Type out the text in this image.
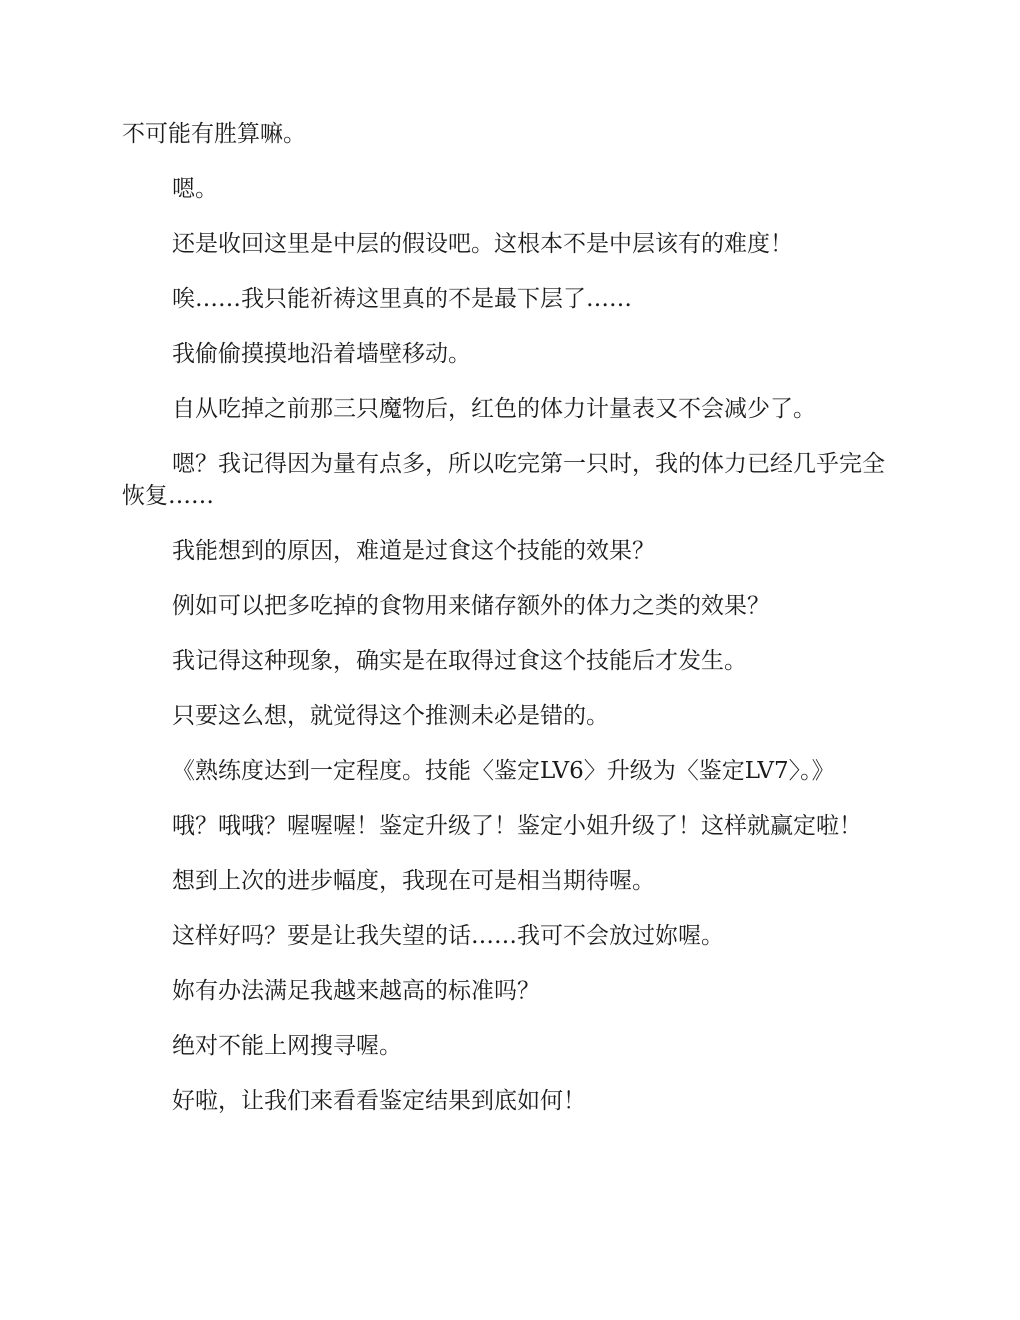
不可能有胜算嘛。

嗯。

还是收回这里是中层的假设吧。这根本不是中层该有的难度！

唉……我只能祈祷这里真的不是最下层了……

我偷偷摸摸地沿着墙壁移动。

自从吃掉之前那三只魔物后，红色的体力计量表又不会减少了。

嗯？我记得因为量有点多，所以吃完第一只时，我的体力已经几乎完全恢复……

我能想到的原因，难道是过食这个技能的效果？

例如可以把多吃掉的食物用来储存额外的体力之类的效果？

我记得这种现象，确实是在取得过食这个技能后才发生。

只要这么想，就觉得这个推测未必是错的。

《熟练度达到一定程度。技能〈鉴定LV6〉升级为〈鉴定LV7〉。》

哦？哦哦？喔喔喔！鉴定升级了！鉴定小姐升级了！这样就赢定啦！

想到上次的进步幅度，我现在可是相当期待喔。

这样好吗？要是让我失望的话……我可不会放过妳喔。

妳有办法满足我越来越高的标准吗？

绝对不能上网搜寻喔。

好啦，让我们来看看鉴定结果到底如何！
